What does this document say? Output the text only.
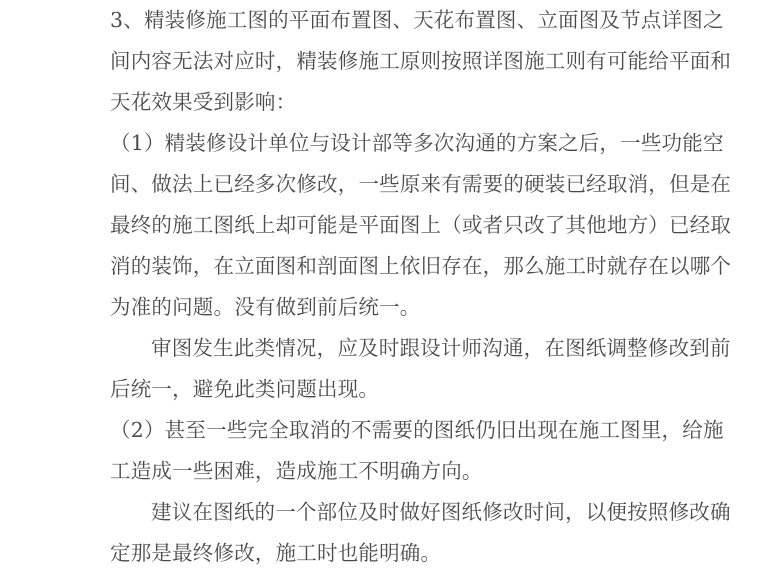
3 、 精 装 修 施 工 图 的 平 面 布 置 图 、 天 花 布 置 图 、 立 面 图 及 节 点 详 图 之
间 内 容 无 法 对 应 时 ， 精 装 修 施 工 原 则 按 照 详 图 施 工 则 有 可 能 给 平 面 和
天花效果受到影响：
（ 1 ） 精 装 修 设 计 单 位 与 设 计 部 等 多 次 沟 通 的 方 案 之 后 ， 一 些 功 能 空
间 、 做 法 上 已 经 多 次 修 改 ， 一 些 原 来 有 需 要 的 硬 装 已 经 取 消 ， 但 是 在
最 终 的 施 工 图 纸 上 却 可 能 是 平 面 图 上 （ 或 者 只 改 了 其 他 地 方 ） 已 经 取
消 的 装 饰 ， 在 立 面 图 和 剖 面 图 上 依 旧 存 在 ， 那 么 施 工 时 就 存 在 以 哪 个
为准的问题。没有做到前后统一。
审 图 发 生 此 类 情 况 ， 应 及 时 跟 设 计 师 沟 通 ， 在 图 纸 调 整 修 改 到 前
后统一，避免此类问题出现。
（ 2 ） 甚 至 一 些 完 全 取 消 的 不 需 要 的 图 纸 仍 旧 出 现 在 施 工 图 里 ， 给 施
工造成一些困难，造成施工不明确方向。
建 议 在 图 纸 的 一 个 部 位 及 时 做 好 图 纸 修 改 时 间 ， 以 便 按 照 修 改 确
定那是最终修改，施工时也能明确。
